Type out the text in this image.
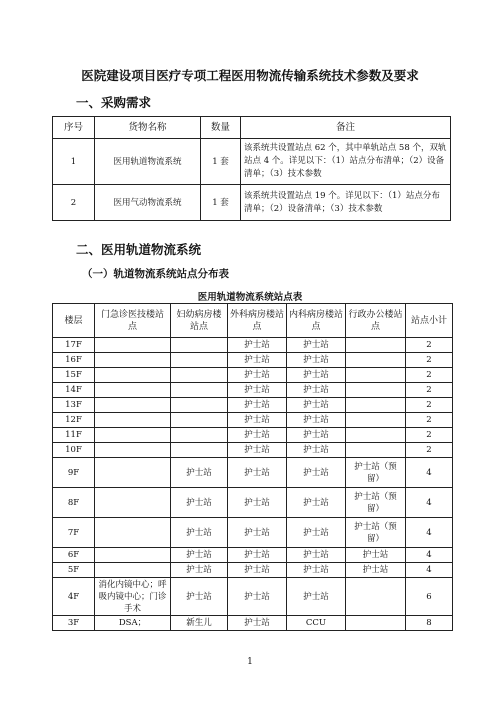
医院建设项目医疗专项工程医用物流传输系统技术参数及要求
一、采购需求
序号	货物名称	数量	备注
1	医用轨道物流系统	1 套	该系统共设置站点 62 个，其中单轨站点 58 个，双轨站点 4 个。详见以下：（1）站点分布清单；（2）设备清单；（3）技术参数
2	医用气动物流系统	1 套	该系统共设置站点 19 个。详见以下：（1）站点分布清单；（2）设备清单；（3）技术参数
二、医用轨道物流系统
（一）轨道物流系统站点分布表
医用轨道物流系统站点表
楼层	门急诊医技楼站点	妇幼病房楼站点	外科病房楼站点	内科病房楼站点	行政办公楼站点	站点小计
17F			护士站	护士站		2
16F			护士站	护士站		2
15F			护士站	护士站		2
14F			护士站	护士站		2
13F			护士站	护士站		2
12F			护士站	护士站		2
11F			护士站	护士站		2
10F			护士站	护士站		2
9F		护士站	护士站	护士站	护士站（预留）	4
8F		护士站	护士站	护士站	护士站（预留）	4
7F		护士站	护士站	护士站	护士站（预留）	4
6F		护士站	护士站	护士站	护士站	4
5F		护士站	护士站	护士站	护士站	4
4F	消化内镜中心；呼吸内镜中心；门诊手术	护士站	护士站	护士站		6
3F	DSA；	新生儿	护士站	CCU		8
1
